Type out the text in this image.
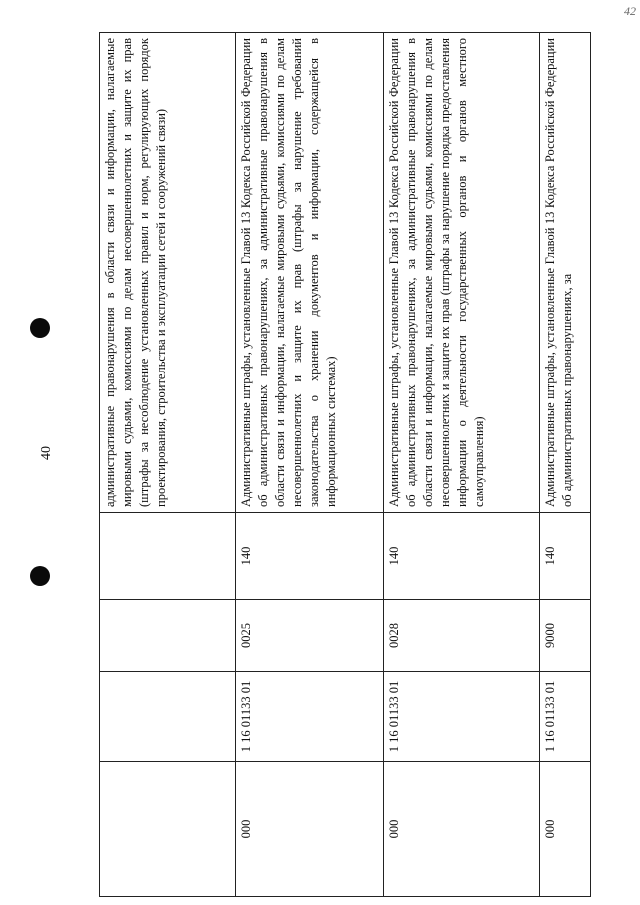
42
40
					административные правонарушения в области связи и информации, налагаемые мировыми судьями, комиссиями по делам несовершеннолетних и защите их прав (штрафы за несоблюдение установленных правил и норм, регулирующих порядок проектирования, строительства и эксплуатации сетей и сооружений связи)
000	1 16 01133 01	0025	140	Административные штрафы, установленные Главой 13 Кодекса Российской Федерации об административных правонарушениях, за административные правонарушения в области связи и информации, налагаемые мировыми судьями, комиссиями по делам несовершеннолетних и защите их прав (штрафы за нарушение требований законодательства о хранении документов и информации, содержащейся в информационных системах)
000	1 16 01133 01	0028	140	Административные штрафы, установленные Главой 13 Кодекса Российской Федерации об административных правонарушениях, за административные правонарушения в области связи и информации, налагаемые мировыми судьями, комиссиями по делам несовершеннолетних и защите их прав (штрафы за нарушение порядка предоставления информации о деятельности государственных органов и органов местного самоуправления)
000	1 16 01133 01	9000	140	Административные штрафы, установленные Главой 13 Кодекса Российской Федерации об административных правонарушениях, за
